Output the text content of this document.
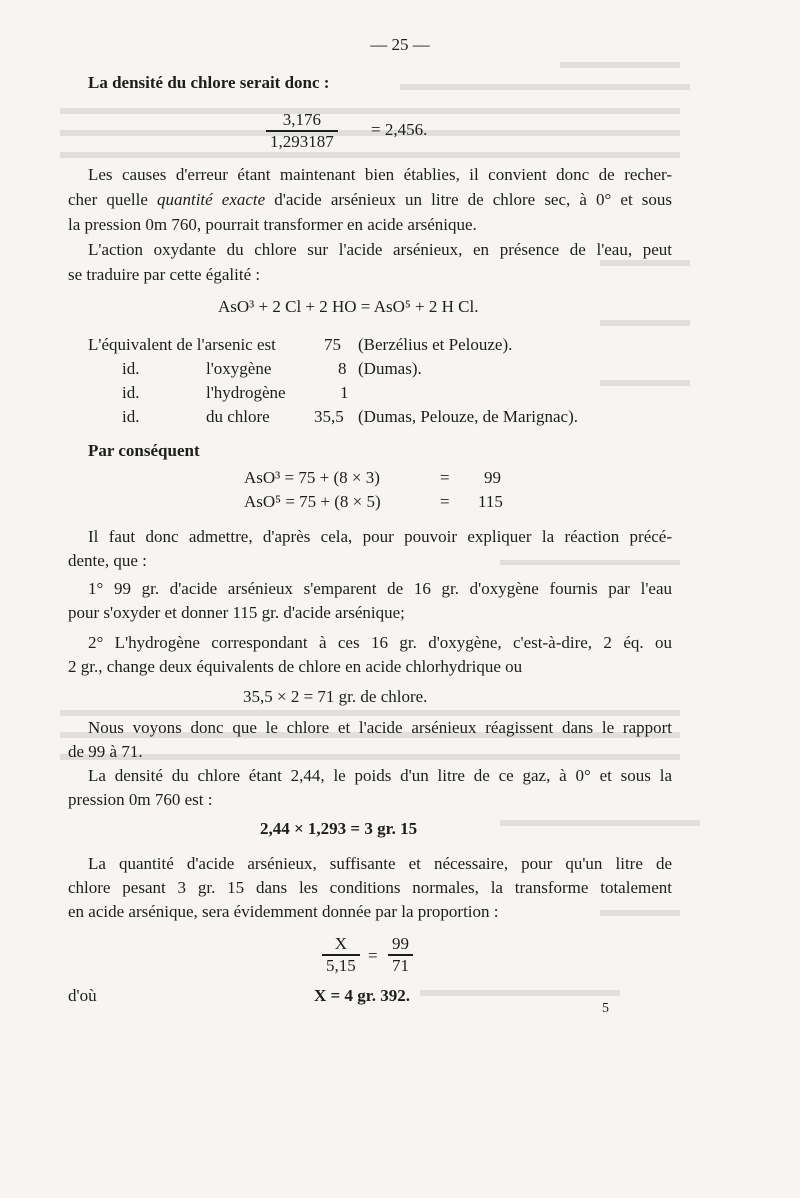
— 25 —
La densité du chlore serait donc :
3,176
1,293187
= 2,456.
Les causes d'erreur étant maintenant bien établies, il convient donc de recher-
cher quelle quantité exacte d'acide arsénieux un litre de chlore sec, à 0° et sous
la pression 0m 760, pourrait transformer en acide arsénique.
L'action oxydante du chlore sur l'acide arsénieux, en présence de l'eau, peut
se traduire par cette égalité :
AsO³ + 2 Cl + 2 HO = AsO⁵ + 2 H Cl.
L'équivalent de l'arsenic est	75 (Berzélius et Pelouze).
id.	l'oxygène	8 (Dumas).
id.	l'hydrogène	1
id.	du chlore	35,5 (Dumas, Pelouze, de Marignac).
Par conséquent
AsO³ = 75 + (8 × 3)	= 99
AsO⁵ = 75 + (8 × 5)	= 115
Il faut donc admettre, d'après cela, pour pouvoir expliquer la réaction précé-
dente, que :
1° 99 gr. d'acide arsénieux s'emparent de 16 gr. d'oxygène fournis par l'eau
pour s'oxyder et donner 115 gr. d'acide arsénique;
2° L'hydrogène correspondant à ces 16 gr. d'oxygène, c'est-à-dire, 2 éq. ou
2 gr., change deux équivalents de chlore en acide chlorhydrique ou
35,5 × 2 = 71 gr. de chlore.
Nous voyons donc que le chlore et l'acide arsénieux réagissent dans le rapport
de 99 à 71.
La densité du chlore étant 2,44, le poids d'un litre de ce gaz, à 0° et sous la
pression 0m 760 est :
2,44 × 1,293 = 3 gr. 15
La quantité d'acide arsénieux, suffisante et nécessaire, pour qu'un litre de
chlore pesant 3 gr. 15 dans les conditions normales, la transforme totalement
en acide arsénique, sera évidemment donnée par la proportion :
X
5,15 =
99
71
d'où	X = 4 gr. 392.
5
